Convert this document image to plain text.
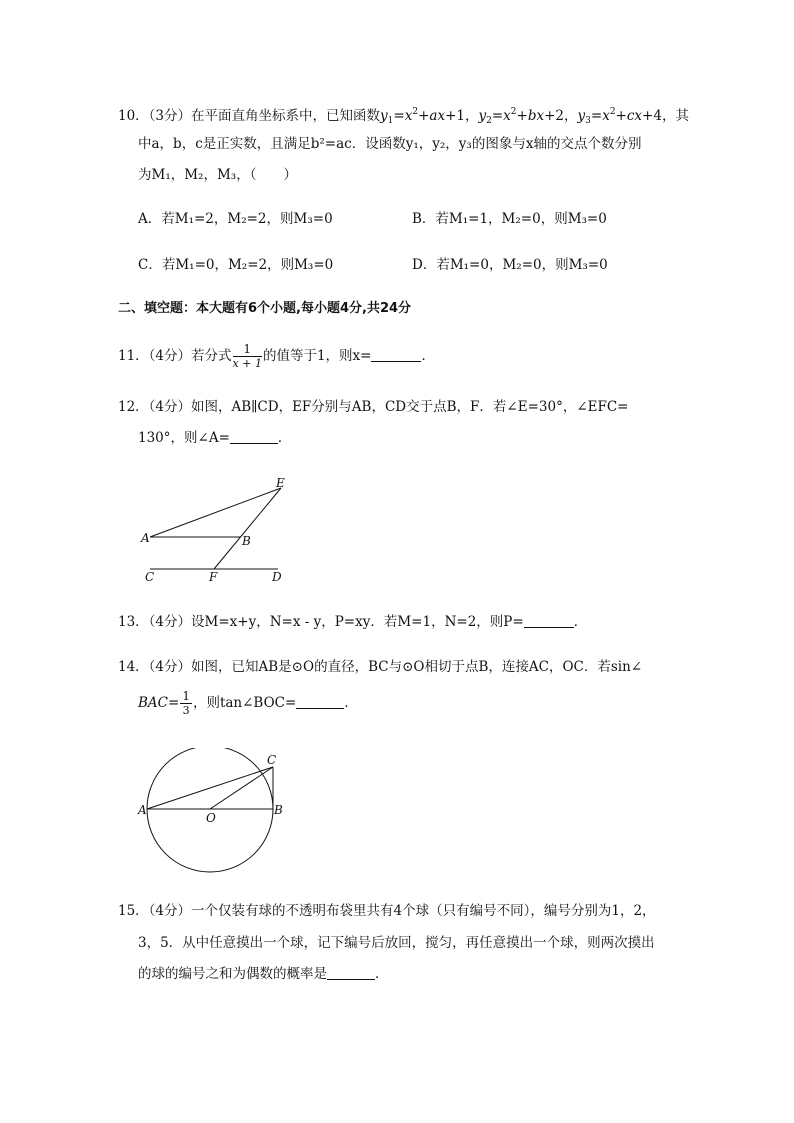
10．（3分）在平面直角坐标系中，已知函数$y_1=x^2+ax+1$，$y_2=x^2+bx+2$，$y_3=x^2+cx+4$，其
中a，b，c是正实数，且满足b²=ac．设函数y₁，y₂，y₃的图象与x轴的交点个数分别
为M₁，M₂，M₃，（　　）
A．若M₁=2，M₂=2，则M₃=0	B．若M₁=1，M₂=0，则M₃=0
C．若M₁=0，M₂=2，则M₃=0	D．若M₁=0，M₂=0，则M₃=0
二、填空题：本大题有6个小题,每小题4分,共24分
11．（4分）若分式 $\frac{1}{x + 1}$ 的值等于1，则x=	．
12．（4分）如图，AB∥CD，EF分别与AB，CD交于点B，F．若∠E=30°，∠EFC=
130°，则∠A=	．
A	B
E
C	F	D
13．（4分）设M=x+y，N=x - y，P=xy．若M=1，N=2，则P=	．
14．（4分）如图，已知AB是⊙O的直径，BC与⊙O相切于点B，连接AC，OC．若sin∠
$BAC= \frac{1}{3}$ ，则tan∠BOC=	．
A	B
C
O
15．（4分）一个仅装有球的不透明布袋里共有4个球（只有编号不同），编号分别为1，2，
3，5．从中任意摸出一个球，记下编号后放回，搅匀，再任意摸出一个球，则两次摸出
的球的编号之和为偶数的概率是	．
